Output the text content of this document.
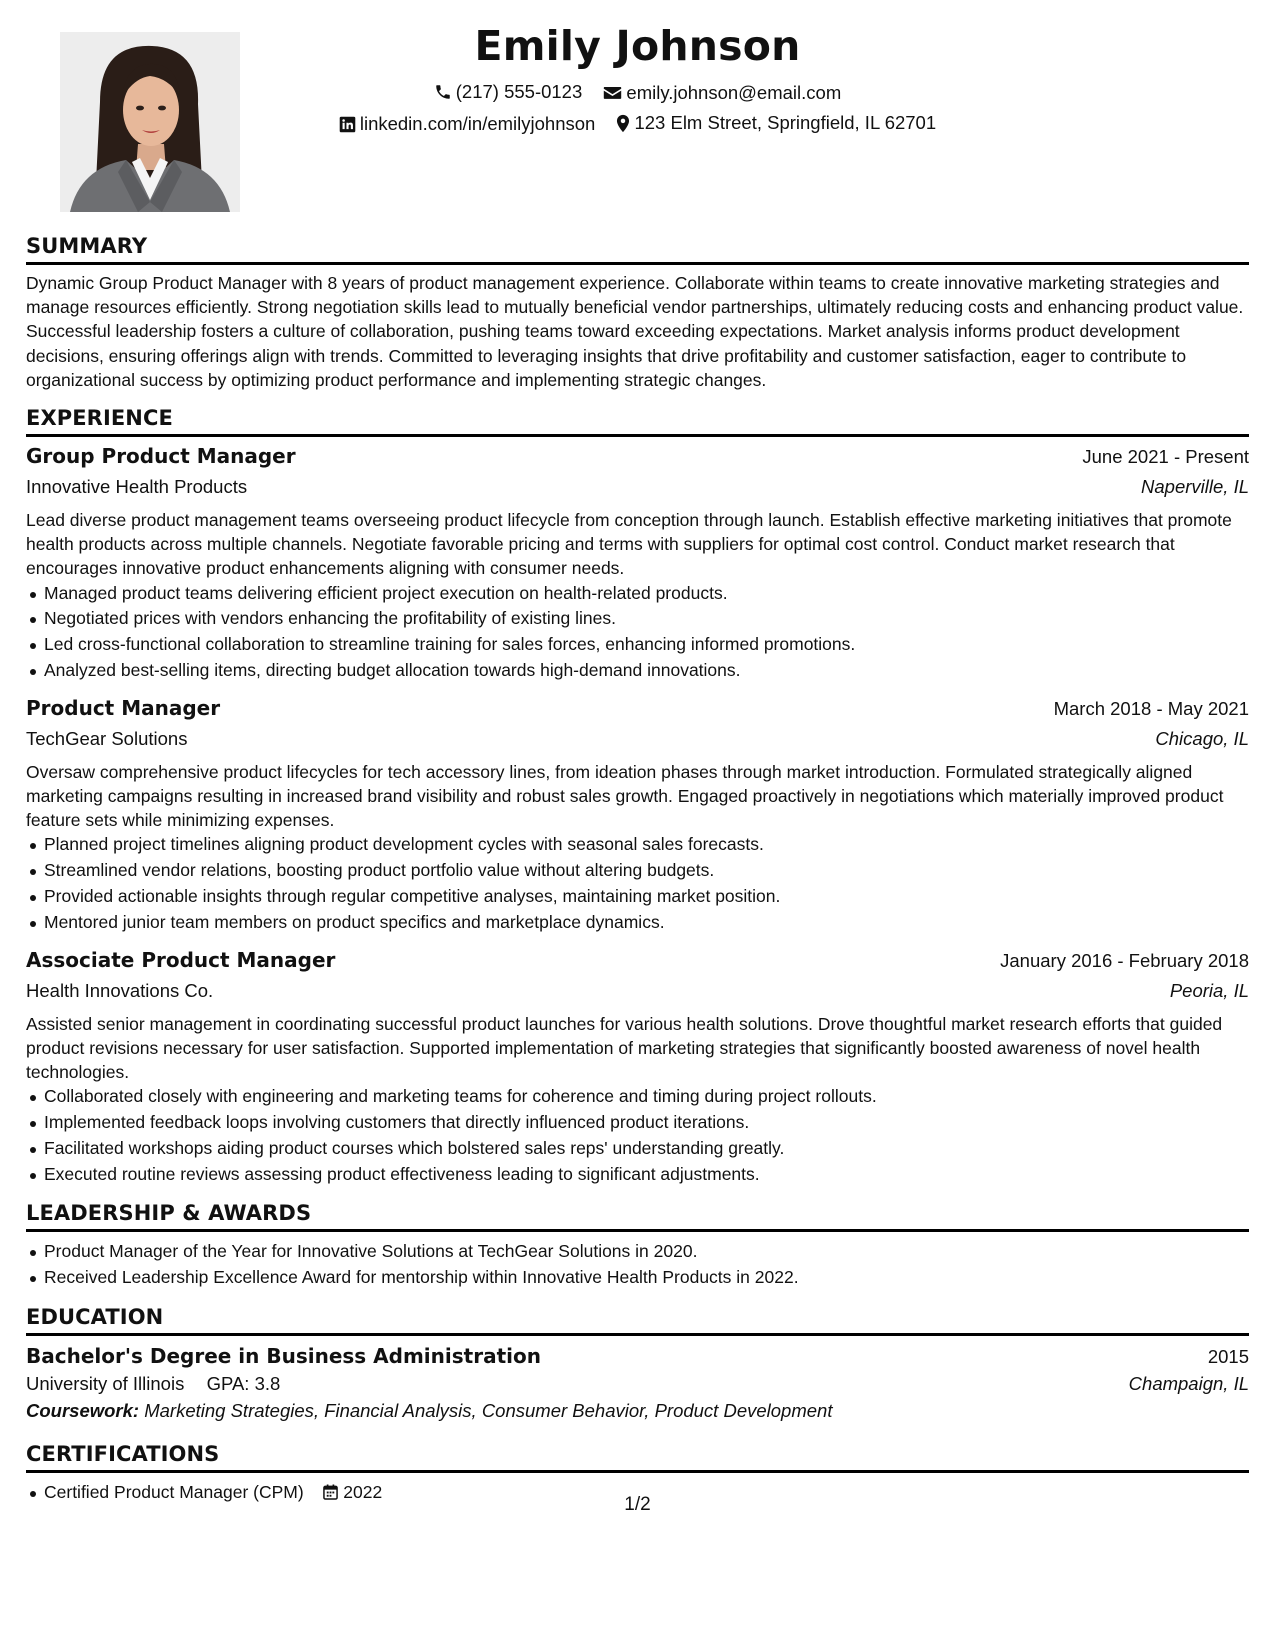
Emily Johnson
(217) 555-0123
emily.johnson@email.com
linkedin.com/in/emilyjohnson
123 Elm Street, Springfield, IL 62701
SUMMARY

Dynamic Group Product Manager with 8 years of product management experience. Collaborate within teams to create innovative marketing strategies and manage resources efficiently. Strong negotiation skills lead to mutually beneficial vendor partnerships, ultimately reducing costs and enhancing product value. Successful leadership fosters a culture of collaboration, pushing teams toward exceeding expectations. Market analysis informs product development decisions, ensuring offerings align with trends. Committed to leveraging insights that drive profitability and customer satisfaction, eager to contribute to organizational success by optimizing product performance and implementing strategic changes.

EXPERIENCE
Group Product Manager	June 2021 - Present
Innovative Health Products	Naperville, IL

Lead diverse product management teams overseeing product lifecycle from conception through launch. Establish effective marketing initiatives that promote health products across multiple channels. Negotiate favorable pricing and terms with suppliers for optimal cost control. Conduct market research that encourages innovative product enhancements aligning with consumer needs.

Managed product teams delivering efficient project execution on health-related products.
Negotiated prices with vendors enhancing the profitability of existing lines.
Led cross-functional collaboration to streamline training for sales forces, enhancing informed promotions.
Analyzed best-selling items, directing budget allocation towards high-demand innovations.
Product Manager	March 2018 - May 2021
TechGear Solutions	Chicago, IL

Oversaw comprehensive product lifecycles for tech accessory lines, from ideation phases through market introduction. Formulated strategically aligned marketing campaigns resulting in increased brand visibility and robust sales growth. Engaged proactively in negotiations which materially improved product feature sets while minimizing expenses.

Planned project timelines aligning product development cycles with seasonal sales forecasts.
Streamlined vendor relations, boosting product portfolio value without altering budgets.
Provided actionable insights through regular competitive analyses, maintaining market position.
Mentored junior team members on product specifics and marketplace dynamics.
Associate Product Manager	January 2016 - February 2018
Health Innovations Co.	Peoria, IL

Assisted senior management in coordinating successful product launches for various health solutions. Drove thoughtful market research efforts that guided product revisions necessary for user satisfaction. Supported implementation of marketing strategies that significantly boosted awareness of novel health technologies.

Collaborated closely with engineering and marketing teams for coherence and timing during project rollouts.
Implemented feedback loops involving customers that directly influenced product iterations.
Facilitated workshops aiding product courses which bolstered sales reps' understanding greatly.
Executed routine reviews assessing product effectiveness leading to significant adjustments.
LEADERSHIP & AWARDS
Product Manager of the Year for Innovative Solutions at TechGear Solutions in 2020.
Received Leadership Excellence Award for mentorship within Innovative Health Products in 2022.
EDUCATION
Bachelor's Degree in Business Administration	2015
University of Illinois GPA: 3.8	Champaign, IL
Coursework: Marketing Strategies, Financial Analysis, Consumer Behavior, Product Development
CERTIFICATIONS
Certified Product Manager (CPM) 2022
1/2
